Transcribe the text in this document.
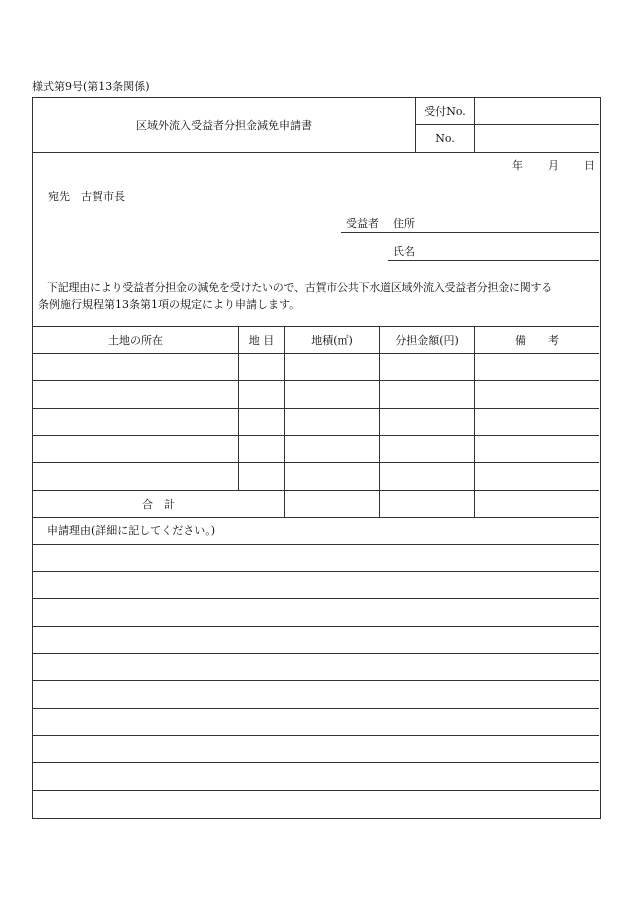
様式第9号(第13条関係)
区域外流入受益者分担金減免申請書
受付No.
No.
年 月 日
宛先　古賀市長
受益者 住所
氏名
下記理由により受益者分担金の減免を受けたいので、古賀市公共下水道区域外流入受益者分担金に関する
条例施行規程第13条第1項の規定により申請します。
土地の所在	地 目	地積(㎡)	分担金額(円)	備　　考
合　計
申請理由(詳細に記してください。)
